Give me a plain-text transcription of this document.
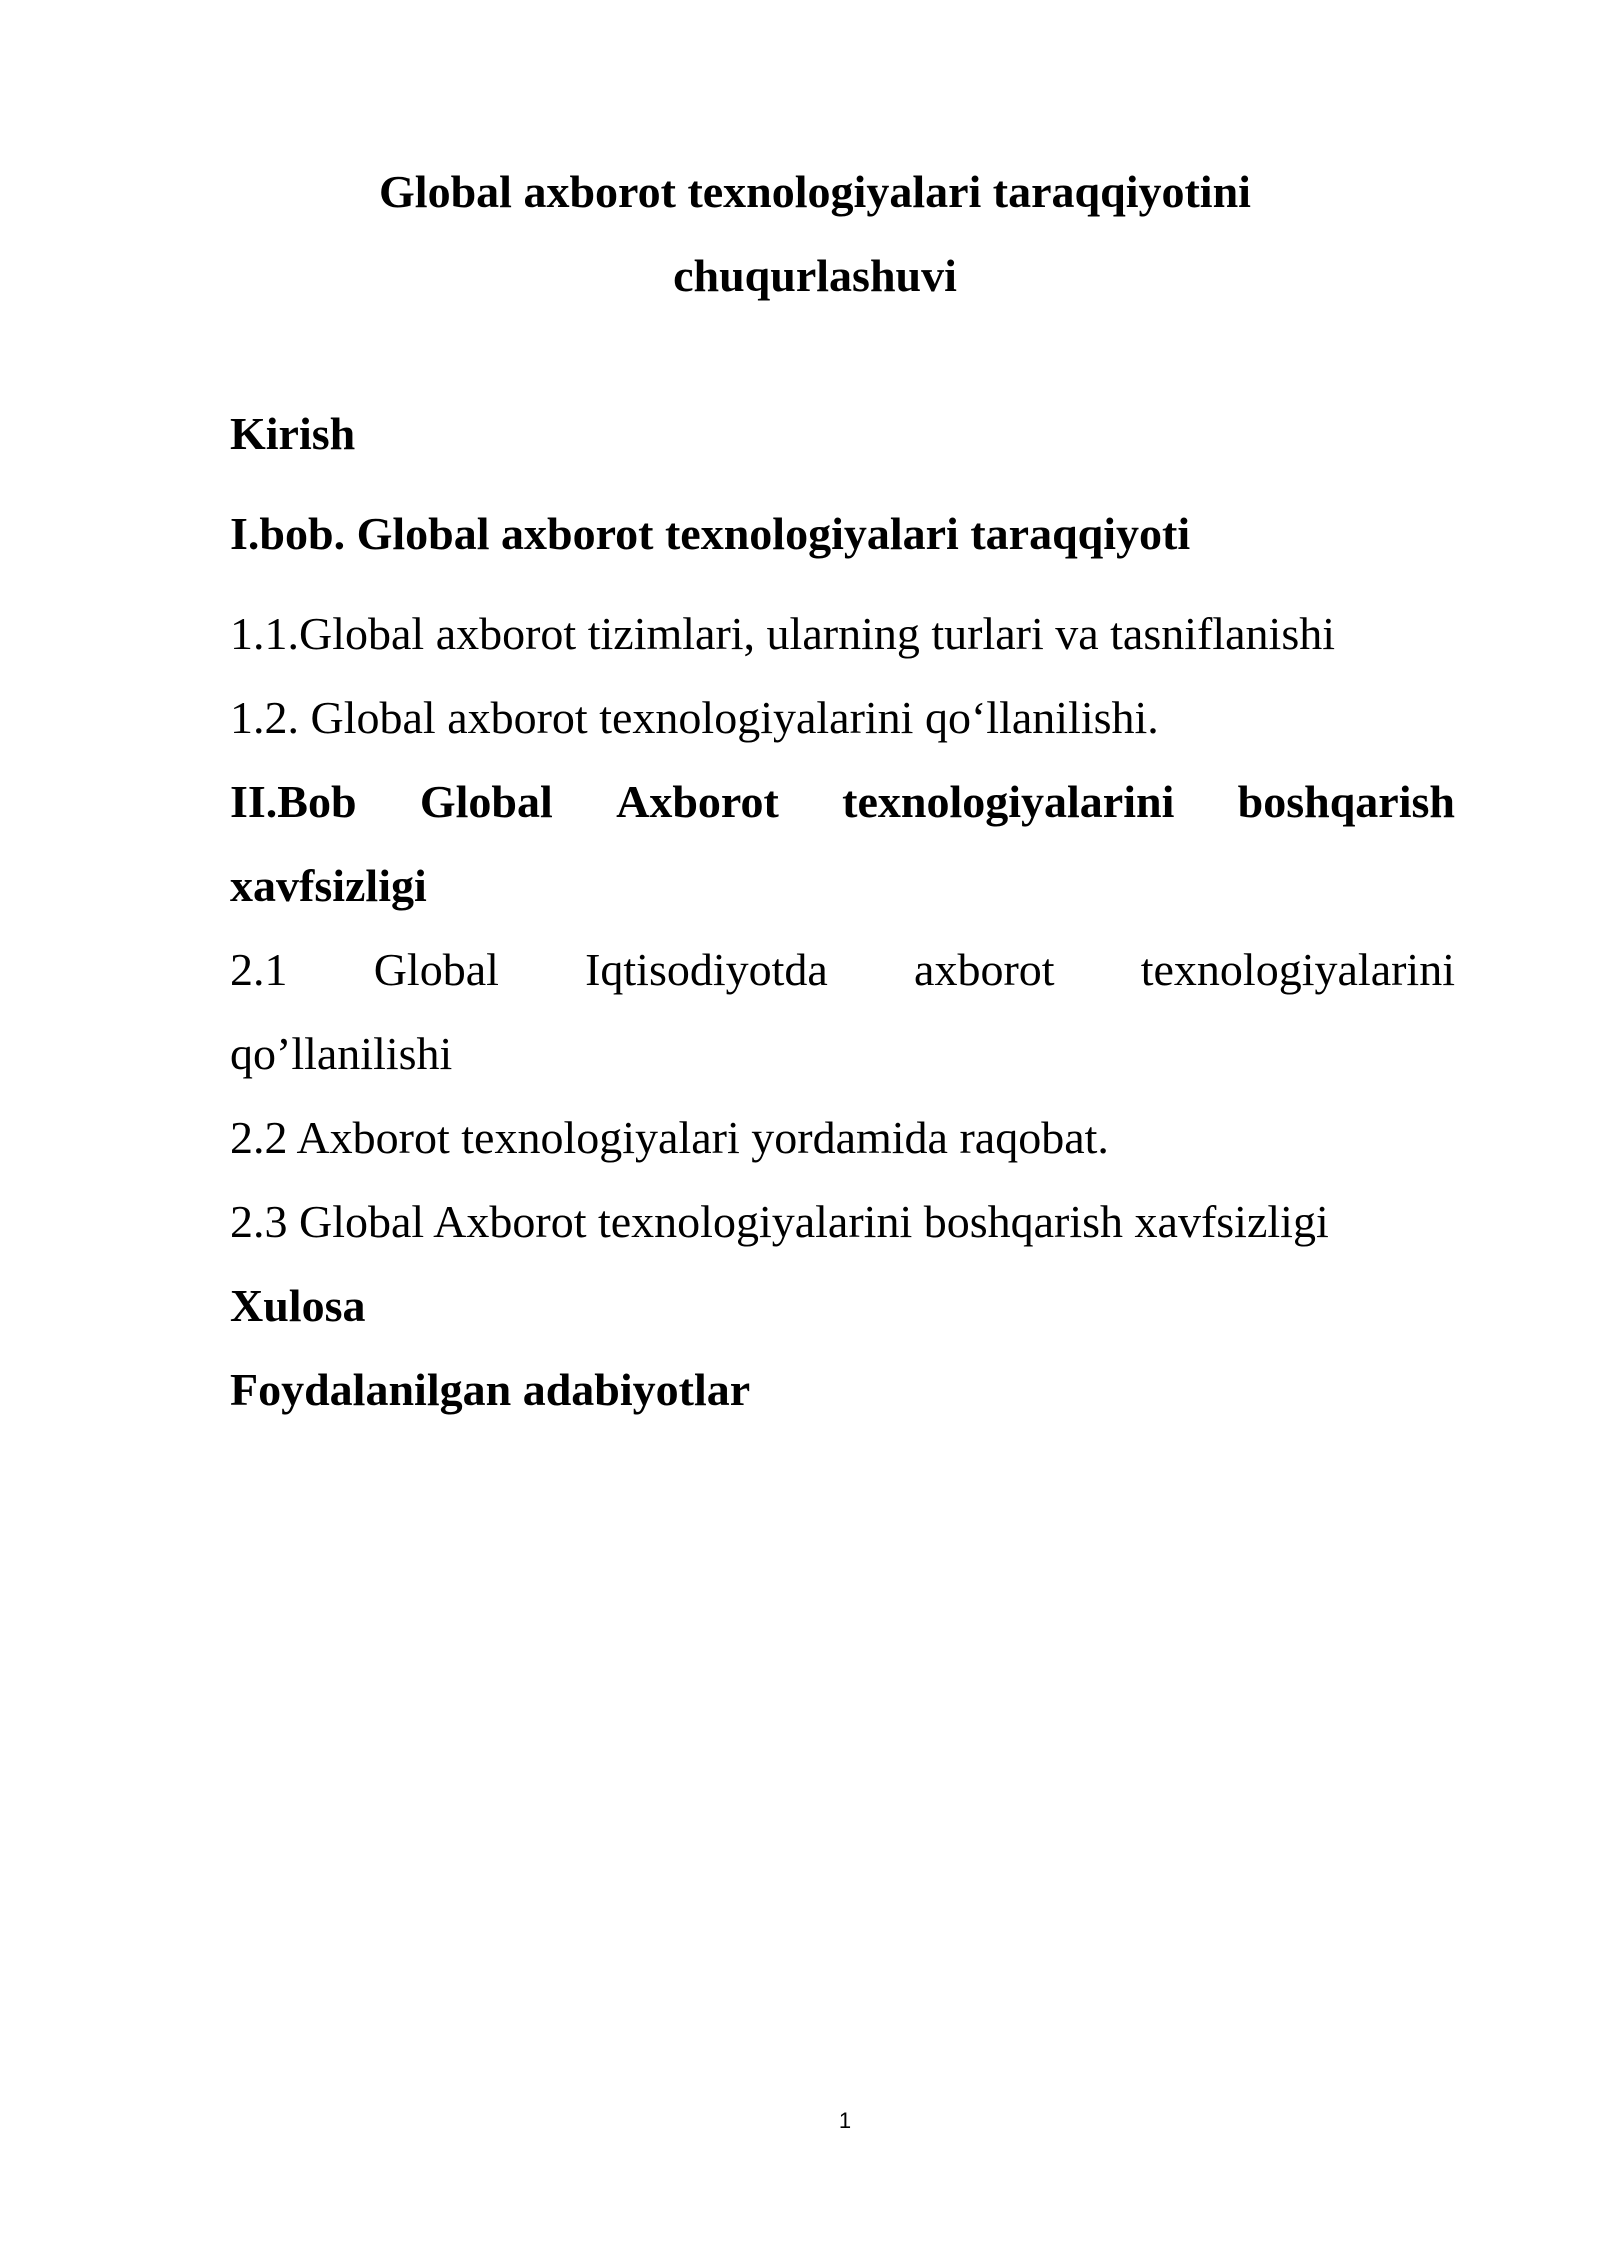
Global axborot texnologiyalari taraqqiyotini
chuqurlashuvi
Kirish
I.bob. Global axborot texnologiyalari taraqqiyoti
1.1.Global axborot tizimlari, ularning turlari va tasniflanishi
1.2. Global axborot texnologiyalarini qo‘llanilishi.
II.Bob Global Axborot texnologiyalarini boshqarish
xavfsizligi
2.1 Global Iqtisodiyotda axborot texnologiyalarini
qo’llanilishi
2.2 Axborot texnologiyalari yordamida raqobat.
2.3 Global Axborot texnologiyalarini boshqarish xavfsizligi
Xulosa
Foydalanilgan adabiyotlar
1
